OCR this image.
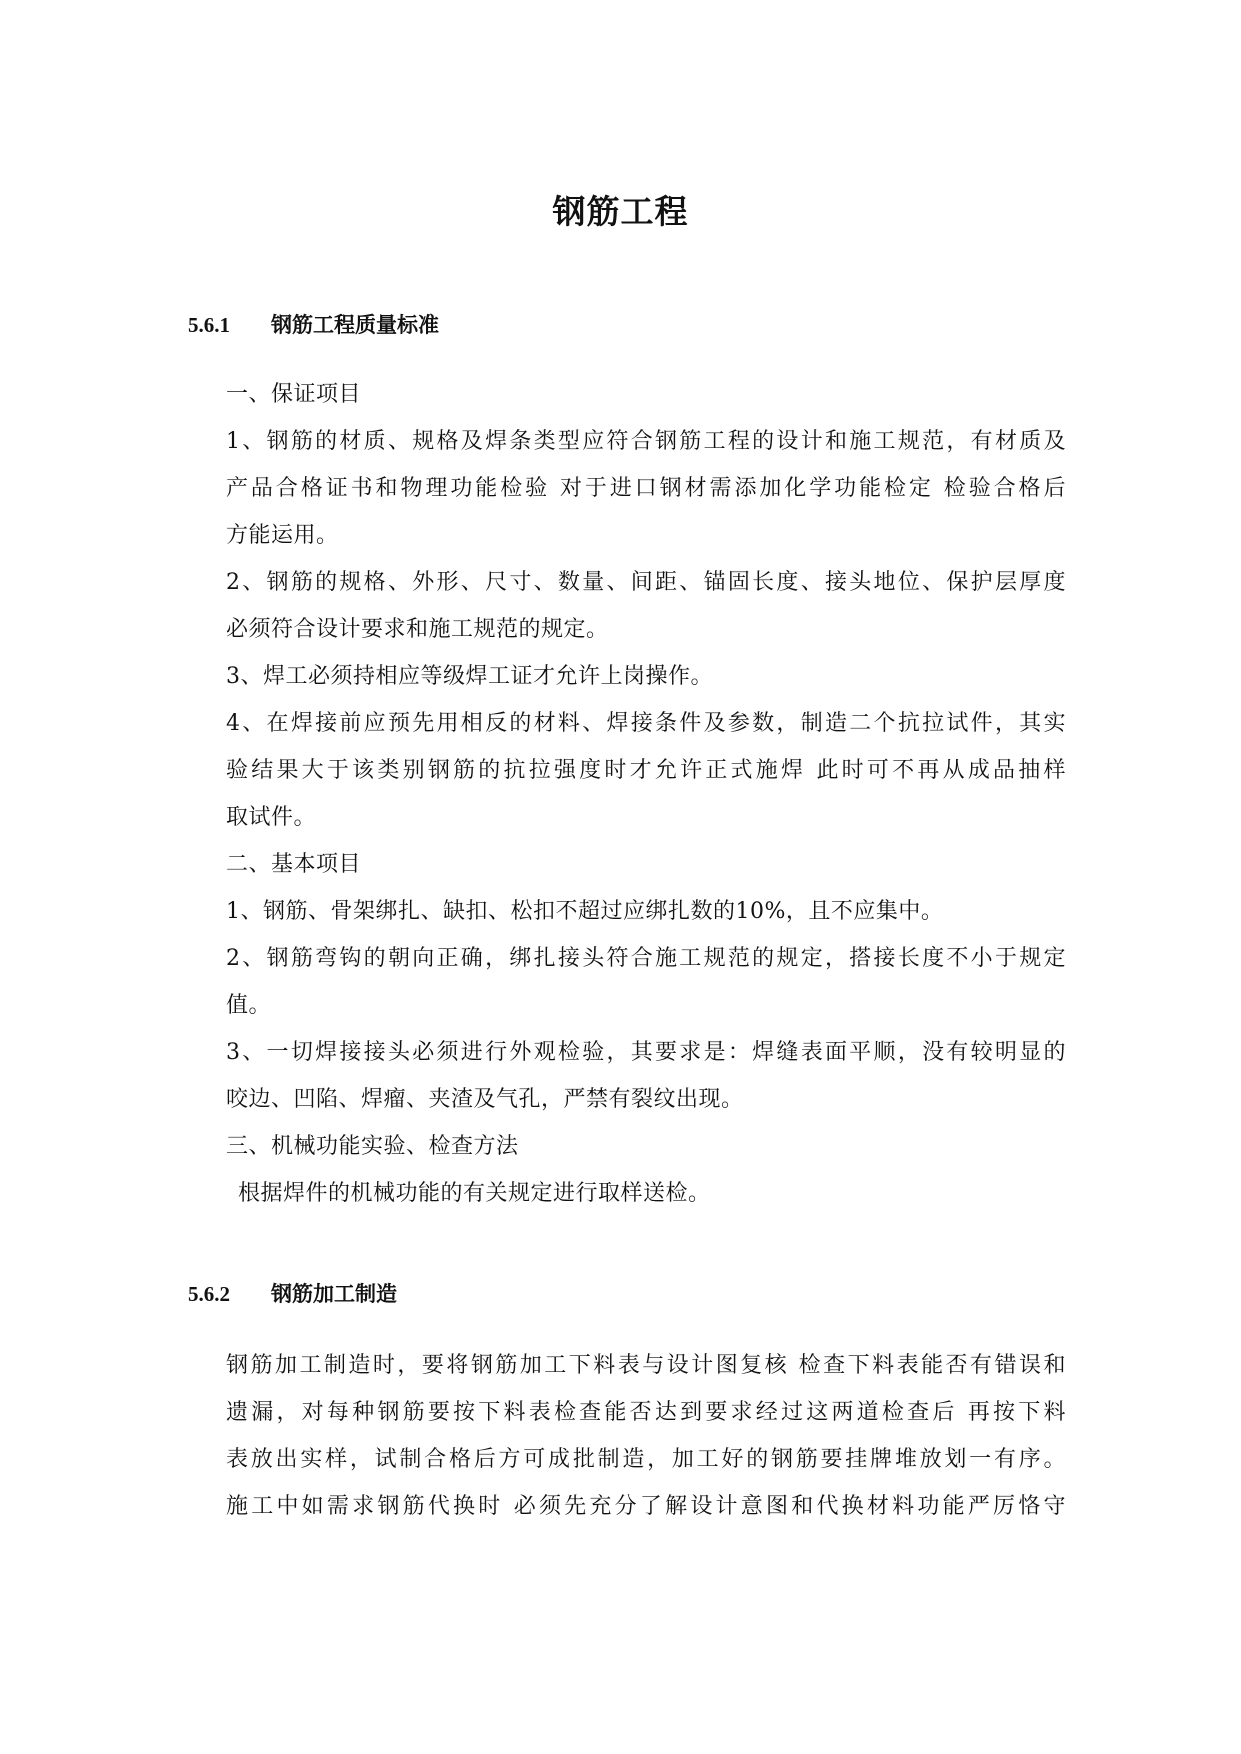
钢筋工程
5.6.1 钢筋工程质量标准
一、保证项目
1、钢筋的材质、规格及焊条类型应符合钢筋工程的设计和施工规范，有材质及
产品合格证书和物理功能检验 对于进口钢材需添加化学功能检定 检验合格后
方能运用。
2、钢筋的规格、外形、尺寸、数量、间距、锚固长度、接头地位、保护层厚度
必须符合设计要求和施工规范的规定。
3、焊工必须持相应等级焊工证才允许上岗操作。
4、在焊接前应预先用相反的材料、焊接条件及参数，制造二个抗拉试件，其实
验结果大于该类别钢筋的抗拉强度时才允许正式施焊 此时可不再从成品抽样
取试件。
二、基本项目
1、钢筋、骨架绑扎、缺扣、松扣不超过应绑扎数的10%，且不应集中。
2、钢筋弯钩的朝向正确，绑扎接头符合施工规范的规定，搭接长度不小于规定
值。
3、一切焊接接头必须进行外观检验，其要求是：焊缝表面平顺，没有较明显的
咬边、凹陷、焊瘤、夹渣及气孔，严禁有裂纹出现。
三、机械功能实验、检查方法
根据焊件的机械功能的有关规定进行取样送检。
5.6.2 钢筋加工制造
钢筋加工制造时，要将钢筋加工下料表与设计图复核 检查下料表能否有错误和
遗漏，对每种钢筋要按下料表检查能否达到要求经过这两道检查后 再按下料
表放出实样，试制合格后方可成批制造，加工好的钢筋要挂牌堆放划一有序。
施工中如需求钢筋代换时 必须先充分了解设计意图和代换材料功能严厉恪守
